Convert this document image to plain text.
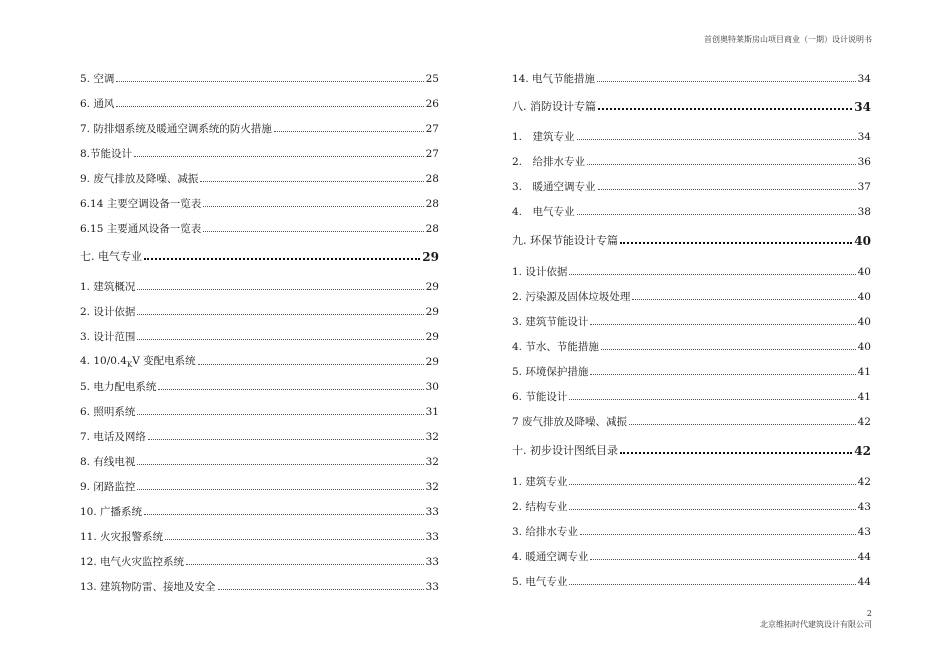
首创奥特莱斯房山项目商业（一期）设计说明书
5. 空调	25
6. 通风	26
7. 防排烟系统及暖通空调系统的防火措施	27
8.节能设计	27
9. 废气排放及降噪、减振	28
6.14 主要空调设备一览表	28
6.15 主要通风设备一览表	28
七. 电气专业	29
1. 建筑概况	29
2. 设计依据	29
3. 设计范围	29
4. $10/0.4_KV$ 变配电系统	29
5. 电力配电系统	30
6. 照明系统	31
7. 电话及网络	32
8. 有线电视	32
9. 闭路监控	32
10. 广播系统	33
11. 火灾报警系统	33
12. 电气火灾监控系统	33
13. 建筑物防雷、接地及安全	33
14. 电气节能措施	34
八. 消防设计专篇	34
1.　建筑专业	34
2.　给排水专业	36
3.　暖通空调专业	37
4.　电气专业	38
九. 环保节能设计专篇	40
1. 设计依据	40
2. 污染源及固体垃圾处理	40
3. 建筑节能设计	40
4. 节水、节能措施	40
5. 环境保护措施	41
6. 节能设计	41
7 废气排放及降噪、减振	42
十. 初步设计图纸目录	42
1. 建筑专业	42
2. 结构专业	43
3. 给排水专业	43
4. 暖通空调专业	44
5. 电气专业	44
2
北京维拓时代建筑设计有限公司
